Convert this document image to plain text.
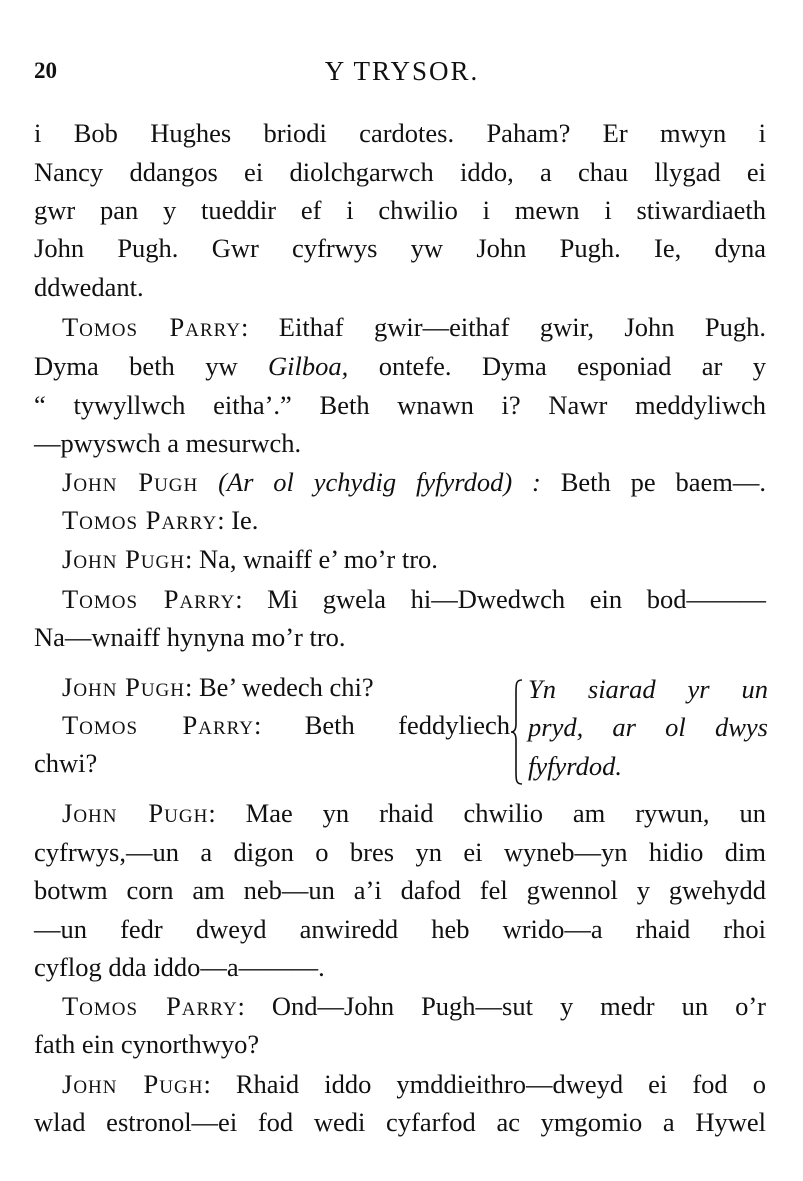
20	Y TRYSOR.
i Bob Hughes briodi cardotes. Paham? Er mwyn i
Nancy ddangos ei diolchgarwch iddo, a chau llygad ei
gwr pan y tueddir ef i chwilio i mewn i stiwardiaeth
John Pugh. Gwr cyfrwys yw John Pugh. Ie, dyna
ddwedant.
Tomos Parry: Eithaf gwir—eithaf gwir, John Pugh.
Dyma beth yw Gilboa, ontefe. Dyma esponiad ar y
“ tywyllwch eitha’.” Beth wnawn i? Nawr meddyliwch
—pwyswch a mesurwch.
John Pugh (Ar ol ychydig fyfyrdod) : Beth pe baem—.
Tomos Parry: Ie.
John Pugh: Na, wnaiff e’ mo’r tro.
Tomos Parry: Mi gwela hi—Dwedwch ein bod———
Na—wnaiff hynyna mo’r tro.
John Pugh: Be’ wedech chi?
Tomos Parry: Beth feddyliech
chwi?
Yn siarad yr un
pryd, ar ol dwys
fyfyrdod.
John Pugh: Mae yn rhaid chwilio am rywun, un
cyfrwys,—un a digon o bres yn ei wyneb—yn hidio dim
botwm corn am neb—un a’i dafod fel gwennol y gwehydd
—un fedr dweyd anwiredd heb wrido—a rhaid rhoi
cyflog dda iddo—a———.
Tomos Parry: Ond—John Pugh—sut y medr un o’r
fath ein cynorthwyo?
John Pugh: Rhaid iddo ymddieithro—dweyd ei fod o
wlad estronol—ei fod wedi cyfarfod ac ymgomio a Hywel
